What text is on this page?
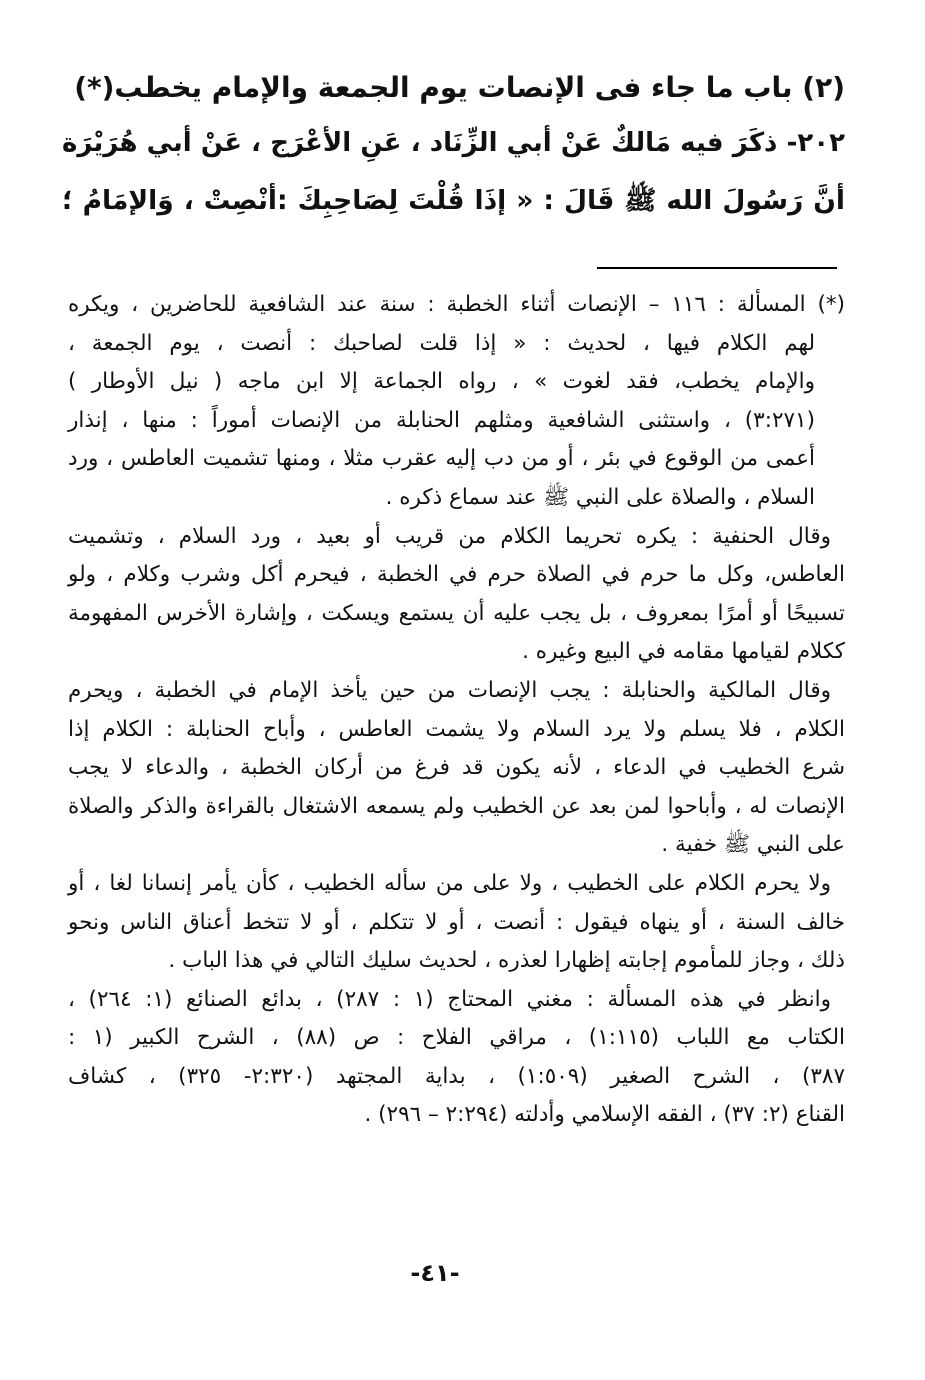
(٢) باب ما جاء فى الإنصات يوم الجمعة والإمام يخطب(*)
٢٠٢- ذكَرَ فيه مَالكٌ عَنْ أبي الزِّنَاد ، عَنِ الأعْرَج ، عَنْ أبي هُرَيْرَة
أنَّ رَسُولَ الله ﷺ قَالَ : « إذَا قُلْتَ لِصَاحِبِكَ :أنْصِتْ ، وَالإمَامُ ؛
(*) المسألة : ١١٦ – الإنصات أثناء الخطبة : سنة عند الشافعية للحاضرين ، ويكره
لهم الكلام فيها ، لحديث : « إذا قلت لصاحبك : أنصت ، يوم الجمعة ،
والإمام يخطب، فقد لغوت » ، رواه الجماعة إلا ابن ماجه ( نيل الأوطار )
(٣:٢٧١) ، واستثنى الشافعية ومثلهم الحنابلة من الإنصات أموراً : منها ، إنذار
أعمى من الوقوع في بئر ، أو من دب إليه عقرب مثلا ، ومنها تشميت العاطس ، ورد
السلام ، والصلاة على النبي ﷺ عند سماع ذكره .
وقال الحنفية : يكره تحريما الكلام من قريب أو بعيد ، ورد السلام ، وتشميت
العاطس، وكل ما حرم في الصلاة حرم في الخطبة ، فيحرم أكل وشرب وكلام ، ولو
تسبيحًا أو أمرًا بمعروف ، بل يجب عليه أن يستمع ويسكت ، وإشارة الأخرس المفهومة
ككلام لقيامها مقامه في البيع وغيره .
وقال المالكية والحنابلة : يجب الإنصات من حين يأخذ الإمام في الخطبة ، ويحرم
الكلام ، فلا يسلم ولا يرد السلام ولا يشمت العاطس ، وأباح الحنابلة : الكلام إذا
شرع الخطيب في الدعاء ، لأنه يكون قد فرغ من أركان الخطبة ، والدعاء لا يجب
الإنصات له ، وأباحوا لمن بعد عن الخطيب ولم يسمعه الاشتغال بالقراءة والذكر والصلاة
على النبي ﷺ خفية .
ولا يحرم الكلام على الخطيب ، ولا على من سأله الخطيب ، كأن يأمر إنسانا لغا ، أو
خالف السنة ، أو ينهاه فيقول : أنصت ، أو لا تتكلم ، أو لا تتخط أعناق الناس ونحو
ذلك ، وجاز للمأموم إجابته إظهارا لعذره ، لحديث سليك التالي في هذا الباب .
وانظر في هذه المسألة : مغني المحتاج (١ : ٢٨٧) ، بدائع الصنائع (١: ٢٦٤) ،
الكتاب مع اللباب (١:١١٥) ، مراقي الفلاح : ص (٨٨) ، الشرح الكبير (١ :
٣٨٧) ، الشرح الصغير (١:٥٠٩) ، بداية المجتهد (٢:٣٢٠- ٣٢٥) ، كشاف
القناع (٢: ٣٧) ، الفقه الإسلامي وأدلته (٢:٢٩٤ – ٢٩٦) .
-٤١-
